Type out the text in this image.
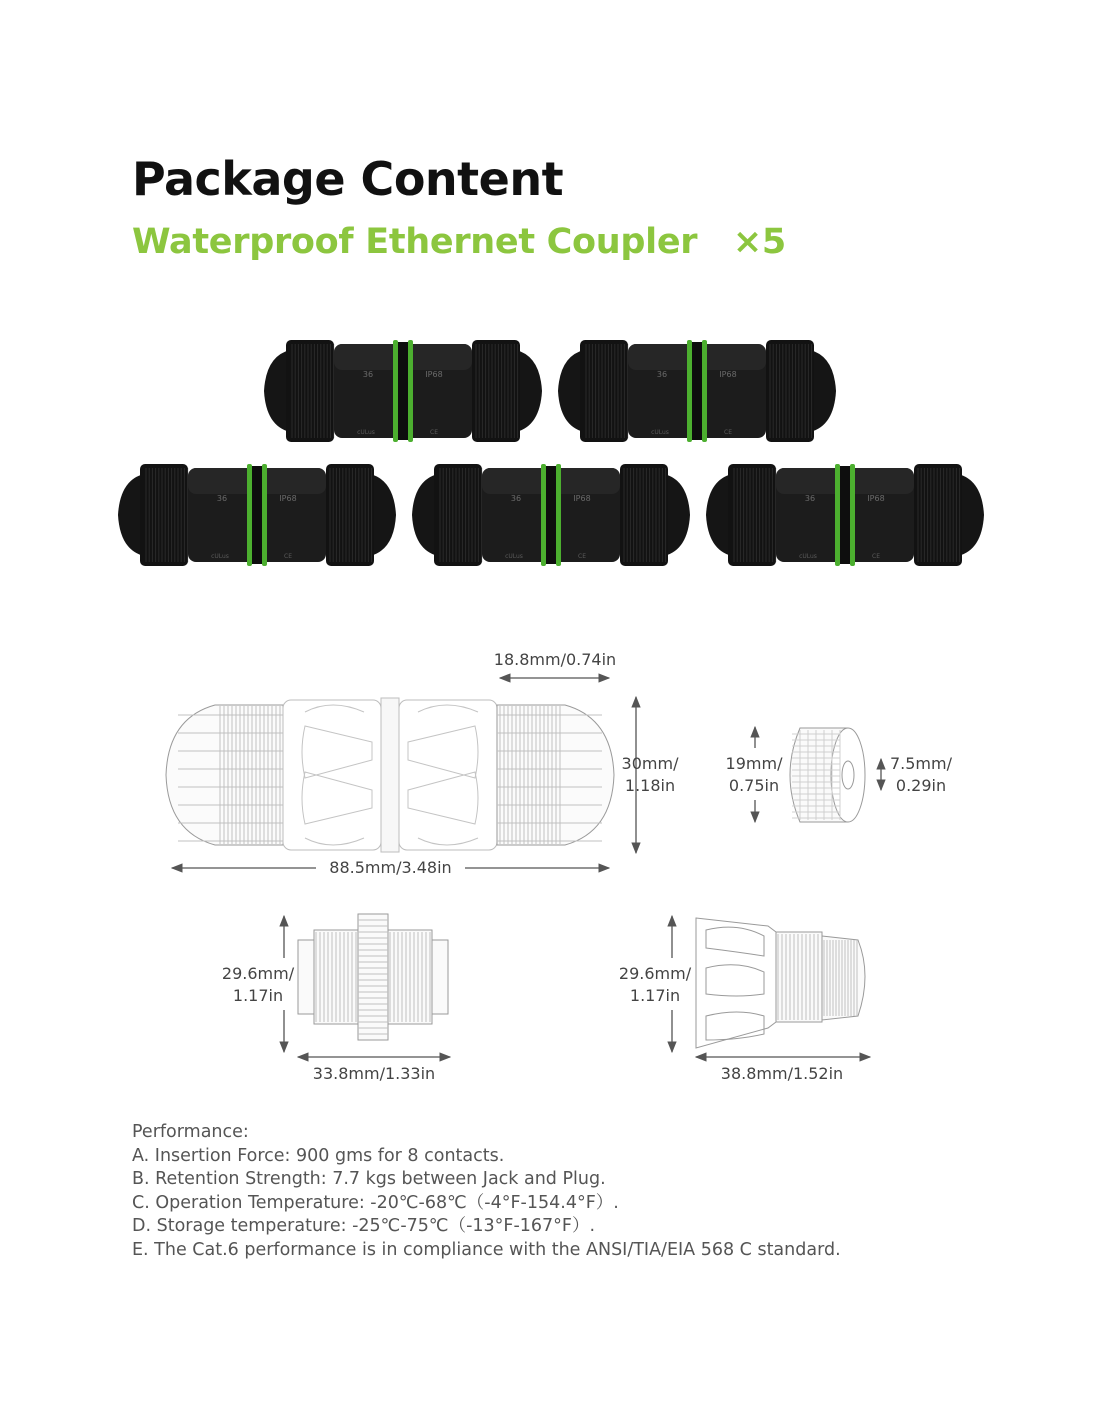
Package Content
Waterproof Ethernet Coupler   ×5
36	IP68
cULus	CE
36	IP68
cULus	CE
36	IP68
cULus	CE
36	IP68
cULus	CE
36	IP68
cULus	CE
18.8mm/0.74in
30mm/
1.18in
88.5mm/3.48in
19mm/
0.75in
7.5mm/
0.29in
29.6mm/
1.17in
33.8mm/1.33in
29.6mm/
1.17in
38.8mm/1.52in
Performance:
A. Insertion Force: 900 gms for 8 contacts.
B. Retention Strength: 7.7 kgs between Jack and Plug.
C. Operation Temperature: -20℃-68℃（-4°F-154.4°F）.
D. Storage temperature: -25℃-75℃（-13°F-167°F）.
E. The Cat.6 performance is in compliance with the ANSI/TIA/EIA 568 C standard.
